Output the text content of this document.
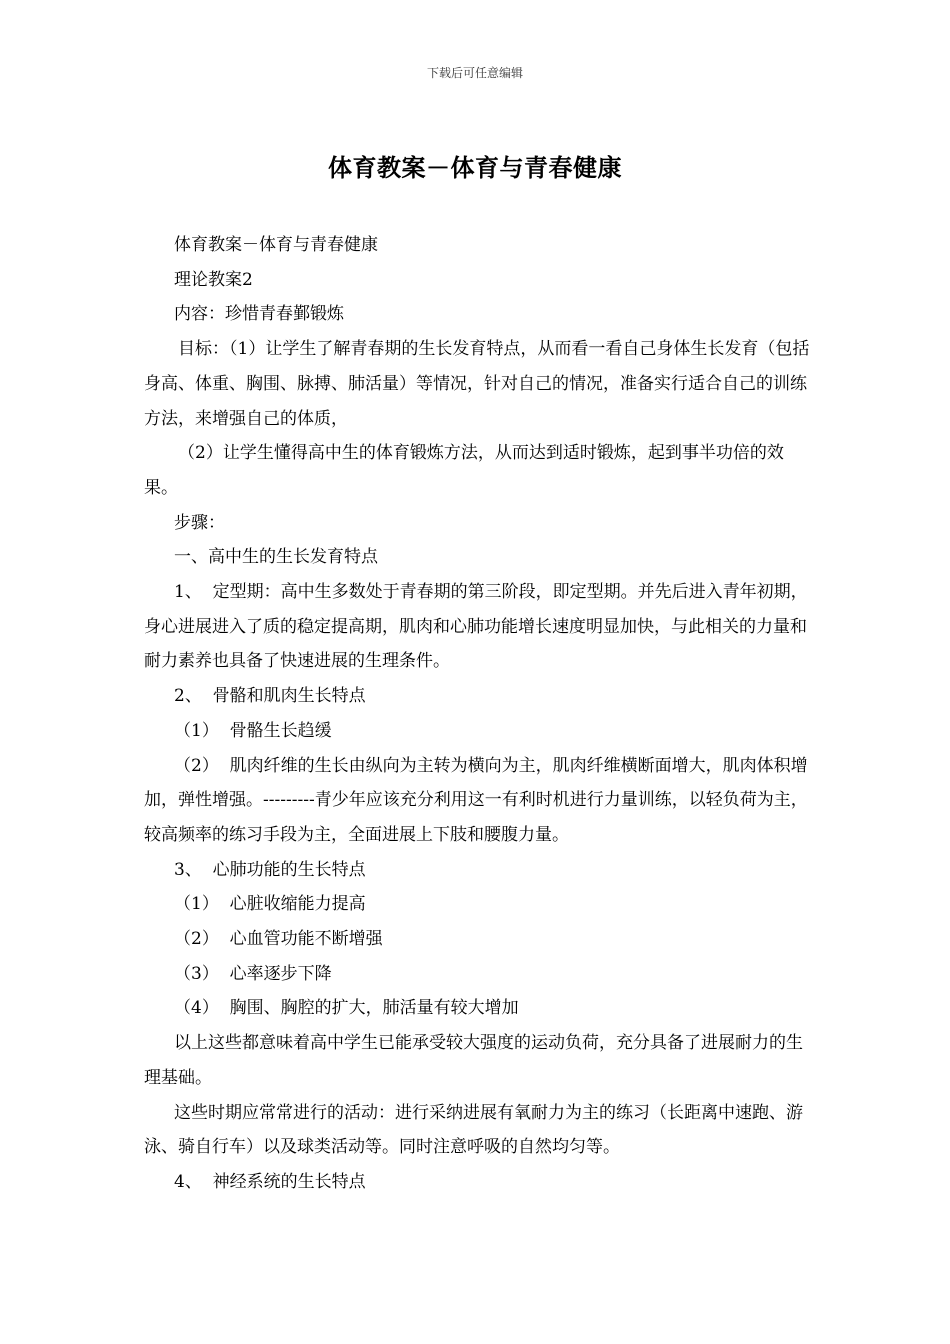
下载后可任意编辑
体育教案－体育与青春健康

体育教案－体育与青春健康

理论教案2

内容：珍惜青春鄞锻炼

目标：（1）让学生了解青春期的生长发育特点，从而看一看自己身体生长发育（包括身高、体重、胸围、脉搏、肺活量）等情况，针对自己的情况，准备实行适合自己的训练方法，来增强自己的体质，

（2）让学生懂得高中生的体育锻炼方法，从而达到适时锻炼，起到事半功倍的效果。

步骤：

一、高中生的生长发育特点

1、  定型期：高中生多数处于青春期的第三阶段，即定型期。并先后进入青年初期，身心进展进入了质的稳定提高期，肌肉和心肺功能增长速度明显加快，与此相关的力量和耐力素养也具备了快速进展的生理条件。

2、  骨骼和肌肉生长特点

（1）  骨骼生长趋缓

（2）  肌肉纤维的生长由纵向为主转为横向为主，肌肉纤维横断面增大，肌肉体积增加，弹性增强。---------青少年应该充分利用这一有利时机进行力量训练，以轻负荷为主，较高频率的练习手段为主，全面进展上下肢和腰腹力量。

3、  心肺功能的生长特点

（1）  心脏收缩能力提高

（2）  心血管功能不断增强

（3）  心率逐步下降

（4）  胸围、胸腔的扩大，肺活量有较大增加

以上这些都意味着高中学生已能承受较大强度的运动负荷，充分具备了进展耐力的生理基础。

这些时期应常常进行的活动：进行采纳进展有氧耐力为主的练习（长距离中速跑、游泳、骑自行车）以及球类活动等。同时注意呼吸的自然均匀等。

4、  神经系统的生长特点
